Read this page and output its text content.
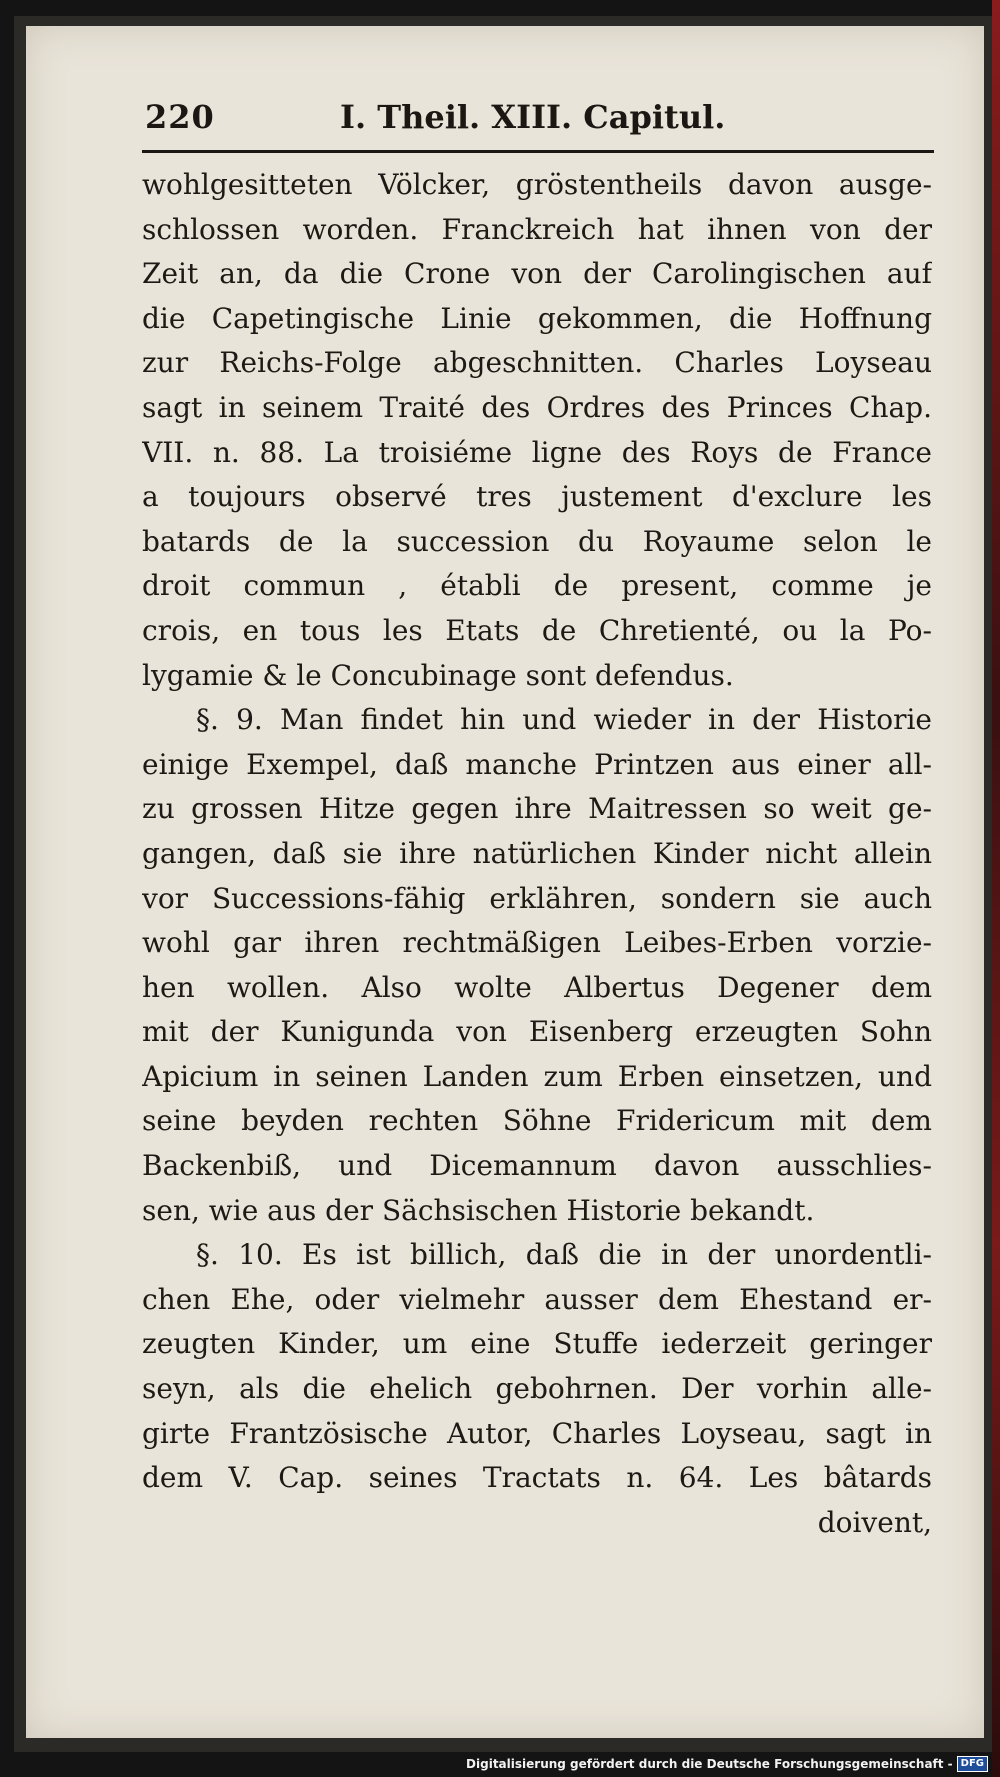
220	I. Theil. XIII. Capitul.
wohlgesitteten Völcker, gröstentheils davon ausge-
schlossen worden. Franckreich hat ihnen von der
Zeit an, da die Crone von der Carolingischen auf
die Capetingische Linie gekommen, die Hoffnung
zur Reichs-Folge abgeschnitten. Charles Loyseau
sagt in seinem Traité des Ordres des Princes Chap.
VII. n. 88. La troisiéme ligne des Roys de France
a toujours observé tres justement d'exclure les
batards de la succession du Royaume selon le
droit commun , établi de present, comme je
crois, en tous les Etats de Chretienté, ou la Po-
lygamie & le Concubinage sont defendus.
§. 9. Man findet hin und wieder in der Historie
einige Exempel, daß manche Printzen aus einer all-
zu grossen Hitze gegen ihre Maitressen so weit ge-
gangen, daß sie ihre natürlichen Kinder nicht allein
vor Successions-fähig erklähren, sondern sie auch
wohl gar ihren rechtmäßigen Leibes-Erben vorzie-
hen wollen. Also wolte Albertus Degener dem
mit der Kunigunda von Eisenberg erzeugten Sohn
Apicium in seinen Landen zum Erben einsetzen, und
seine beyden rechten Söhne Fridericum mit dem
Backenbiß, und Dicemannum davon ausschlies-
sen, wie aus der Sächsischen Historie bekandt.
§. 10. Es ist billich, daß die in der unordentli-
chen Ehe, oder vielmehr ausser dem Ehestand er-
zeugten Kinder, um eine Stuffe iederzeit geringer
seyn, als die ehelich gebohrnen. Der vorhin alle-
girte Frantzösische Autor, Charles Loyseau, sagt in
dem V. Cap. seines Tractats n. 64. Les bâtards
doivent,
Digitalisierung gefördert durch die Deutsche Forschungsgemeinschaft - DFG
